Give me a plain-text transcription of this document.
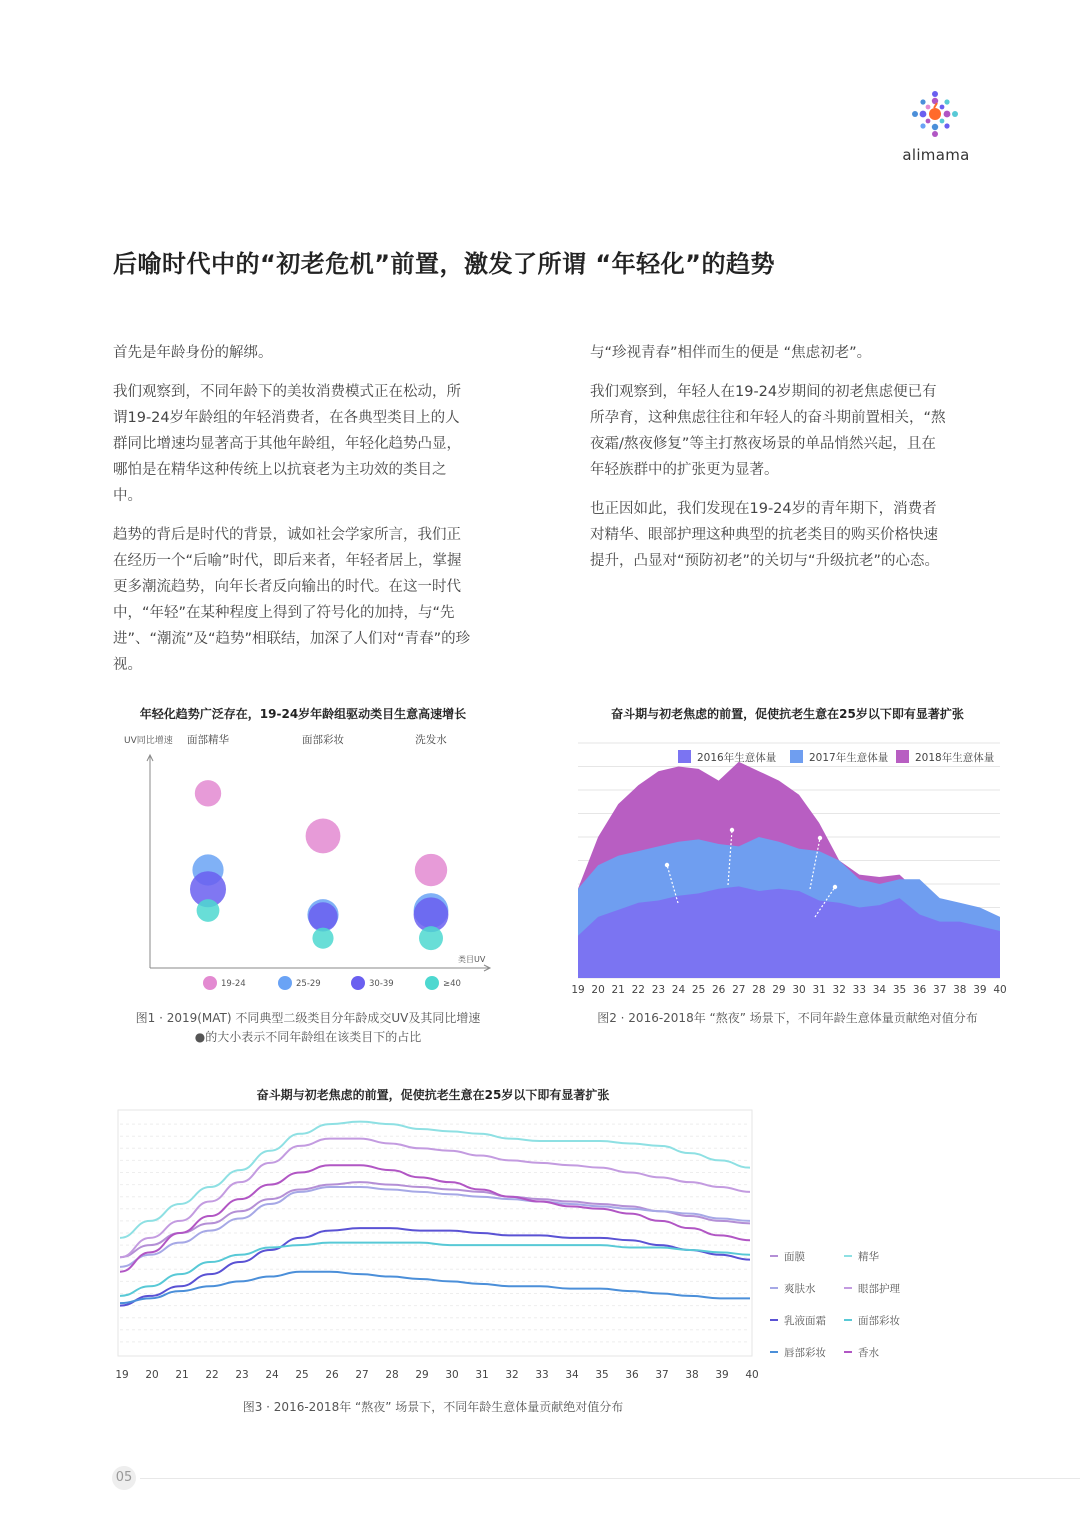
alimama
后喻时代中的“初老危机”前置，激发了所谓 “年轻化”的趋势

首先是年龄身份的解绑。

我们观察到，不同年龄下的美妆消费模式正在松动，所谓19-24岁年龄组的年轻消费者，在各典型类目上的人群同比增速均显著高于其他年龄组，年轻化趋势凸显，哪怕是在精华这种传统上以抗衰老为主功效的类目之中。

趋势的背后是时代的背景，诚如社会学家所言，我们正在经历一个“后喻”时代，即后来者，年轻者居上，掌握更多潮流趋势，向年长者反向输出的时代。在这一时代中，“年轻”在某种程度上得到了符号化的加持，与“先进”、“潮流”及“趋势”相联结，加深了人们对“青春”的珍视。

与“珍视青春”相伴而生的便是 “焦虑初老”。

我们观察到，年轻人在19-24岁期间的初老焦虑便已有所孕育，这种焦虑往往和年轻人的奋斗期前置相关，“熬夜霜/熬夜修复”等主打熬夜场景的单品悄然兴起，且在年轻族群中的扩张更为显著。

也正因如此，我们发现在19-24岁的青年期下，消费者对精华、眼部护理这种典型的抗老类目的购买价格快速提升，凸显对“预防初老”的关切与“升级抗老”的心态。

年轻化趋势广泛存在，19-24岁年龄组驱动类目生意高速增长
UV同比增速
类目UV
面部精华	面部彩妆	洗发水
19-24	25-29	30-39	≥40
图1 · 2019(MAT) 不同典型二级类目分年龄成交UV及其同比增速
●的大小表示不同年龄组在该类目下的占比
奋斗期与初老焦虑的前置，促使抗老生意在25岁以下即有显著扩张
19 20 21 22 23 24 25 26 27 28 29 30 31 32 33 34 35 36 37 38 39 40
2016年生意体量	2017年生意体量	2018年生意体量
图2 · 2016-2018年 “熬夜” 场景下，不同年龄生意体量贡献绝对值分布
奋斗期与初老焦虑的前置，促使抗老生意在25岁以下即有显著扩张
19 20 21 22 23 24 25 26 27 28 29 30 31 32 33 34 35 36 37 38 39 40
面膜	精华
爽肤水	眼部护理
乳液面霜	面部彩妆
唇部彩妆	香水
图3 · 2016-2018年 “熬夜” 场景下，不同年龄生意体量贡献绝对值分布
05
